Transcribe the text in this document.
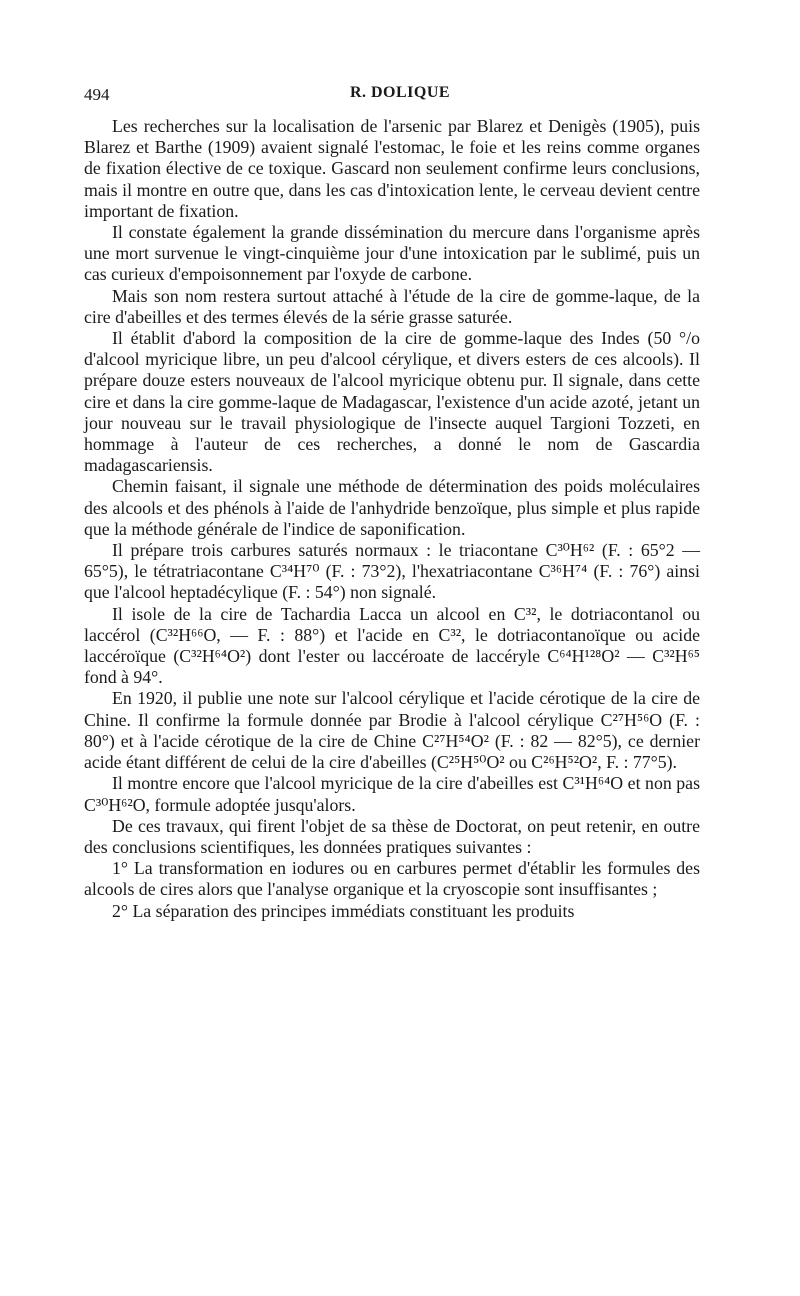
494	R. DOLIQUE

Les recherches sur la localisation de l'arsenic par Blarez et Denigès (1905), puis Blarez et Barthe (1909) avaient signalé l'estomac, le foie et les reins comme organes de fixation élective de ce toxique. Gascard non seulement confirme leurs conclusions, mais il montre en outre que, dans les cas d'intoxication lente, le cerveau devient centre important de fixation.

Il constate également la grande dissémination du mercure dans l'organisme après une mort survenue le vingt-cinquième jour d'une intoxication par le sublimé, puis un cas curieux d'empoisonnement par l'oxyde de carbone.

Mais son nom restera surtout attaché à l'étude de la cire de gomme-laque, de la cire d'abeilles et des termes élevés de la série grasse saturée.

Il établit d'abord la composition de la cire de gomme-laque des Indes (50 °/o d'alcool myricique libre, un peu d'alcool cérylique, et divers esters de ces alcools). Il prépare douze esters nouveaux de l'alcool myricique obtenu pur. Il signale, dans cette cire et dans la cire gomme-laque de Madagascar, l'existence d'un acide azoté, jetant un jour nouveau sur le travail physiologique de l'insecte auquel Targioni Tozzeti, en hommage à l'auteur de ces recherches, a donné le nom de Gascardia madagascariensis.

Chemin faisant, il signale une méthode de détermination des poids moléculaires des alcools et des phénols à l'aide de l'anhydride benzoïque, plus simple et plus rapide que la méthode générale de l'indice de saponification.

Il prépare trois carbures saturés normaux : le triacontane C³⁰H⁶² (F. : 65°2 — 65°5), le tétratriacontane C³⁴H⁷⁰ (F. : 73°2), l'hexatriacontane C³⁶H⁷⁴ (F. : 76°) ainsi que l'alcool heptadécylique (F. : 54°) non signalé.

Il isole de la cire de Tachardia Lacca un alcool en C³², le dotriacontanol ou laccérol (C³²H⁶⁶O, — F. : 88°) et l'acide en C³², le dotriacontanoïque ou acide laccéroïque (C³²H⁶⁴O²) dont l'ester ou laccéroate de laccéryle C⁶⁴H¹²⁸O² — C³²H⁶⁵ fond à 94°.

En 1920, il publie une note sur l'alcool cérylique et l'acide cérotique de la cire de Chine. Il confirme la formule donnée par Brodie à l'alcool cérylique C²⁷H⁵⁶O (F. : 80°) et à l'acide cérotique de la cire de Chine C²⁷H⁵⁴O² (F. : 82 — 82°5), ce dernier acide étant différent de celui de la cire d'abeilles (C²⁵H⁵⁰O² ou C²⁶H⁵²O², F. : 77°5).

Il montre encore que l'alcool myricique de la cire d'abeilles est C³¹H⁶⁴O et non pas C³⁰H⁶²O, formule adoptée jusqu'alors.

De ces travaux, qui firent l'objet de sa thèse de Doctorat, on peut retenir, en outre des conclusions scientifiques, les données pratiques suivantes :

1° La transformation en iodures ou en carbures permet d'établir les formules des alcools de cires alors que l'analyse organique et la cryoscopie sont insuffisantes ;

2° La séparation des principes immédiats constituant les produits
